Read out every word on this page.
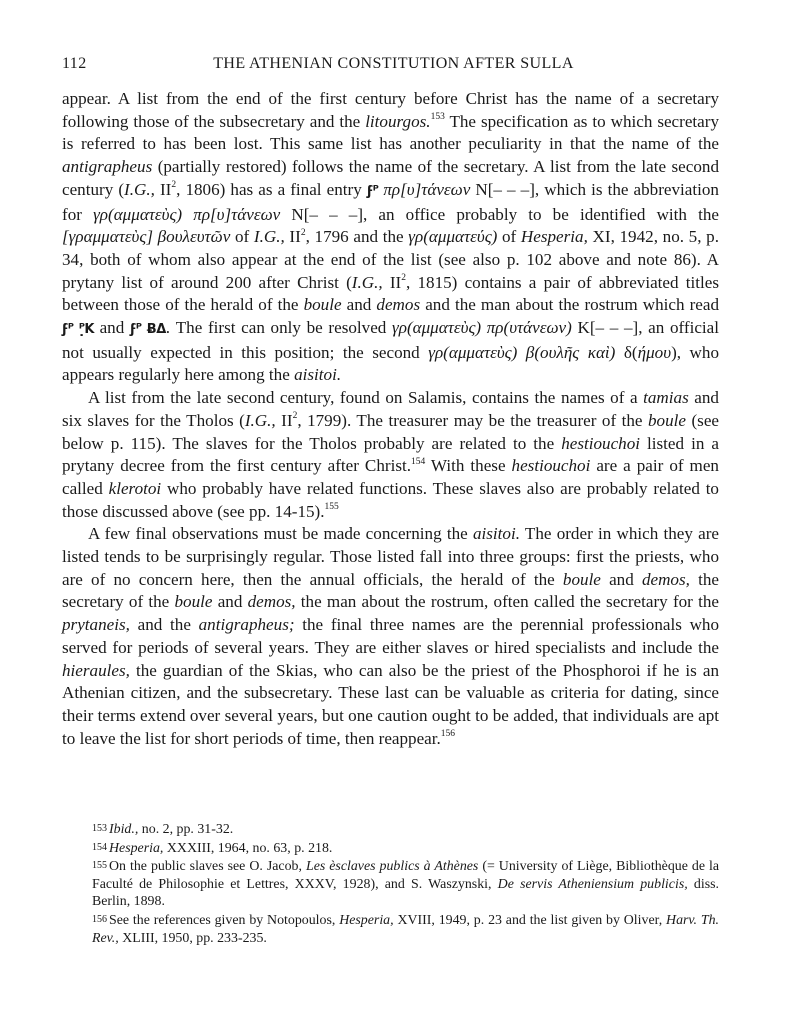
112	THE ATHENIAN CONSTITUTION AFTER SULLA

appear. A list from the end of the first century before Christ has the name of a secretary following those of the subsecretary and the litourgos.$^{153}$ The specification as to which secretary is referred to has been lost. This same list has another peculiarity in that the name of the antigrapheus (partially restored) follows the name of the secretary. A list from the late second century (I.G., $II^2$, 1806) has as a final entry ϝᴾ πρ[υ]τάνεων N[– – –], which is the abbreviation for γρ(αμματεὺς) πρ[υ]τάνεων N[– – –], an office probably to be identified with the [γραμματεὺς] βουλευτῶν of I.G., $II^2$, 1796 and the γρ(αμματεύς) of Hesperia, XI, 1942, no. 5, p. 34, both of whom also appear at the end of the list (see also p. 102 above and note 86). A prytany list of around 200 after Christ (I.G., $II^2$, 1815) contains a pair of abbreviated titles between those of the herald of the boule and demos and the man about the rostrum which read ϝᴾ ᴾ̣K and ϝᴾ ɃΔ. The first can only be resolved γρ(αμματεὺς) πρ(υτάνεων) K[– – –], an official not usually expected in this position; the second γρ(αμματεὺς) β(ουλῆς καὶ) δ(ήμου), who appears regularly here among the aisitoi.

A list from the late second century, found on Salamis, contains the names of a tamias and six slaves for the Tholos (I.G., $II^2$, 1799). The treasurer may be the treasurer of the boule (see below p. 115). The slaves for the Tholos probably are related to the hestiouchoi listed in a prytany decree from the first century after Christ.$^{154}$ With these hestiouchoi are a pair of men called klerotoi who probably have related functions. These slaves also are probably related to those discussed above (see pp. 14-15).$^{155}$

A few final observations must be made concerning the aisitoi. The order in which they are listed tends to be surprisingly regular. Those listed fall into three groups: first the priests, who are of no concern here, then the annual officials, the herald of the boule and demos, the secretary of the boule and demos, the man about the rostrum, often called the secretary for the prytaneis, and the antigrapheus; the final three names are the perennial professionals who served for periods of several years. They are either slaves or hired specialists and include the hieraules, the guardian of the Skias, who can also be the priest of the Phosphoroi if he is an Athenian citizen, and the subsecretary. These last can be valuable as criteria for dating, since their terms extend over several years, but one caution ought to be added, that individuals are apt to leave the list for short periods of time, then reappear.$^{156}$

153 Ibid., no. 2, pp. 31-32.
154 Hesperia, XXXIII, 1964, no. 63, p. 218.
155 On the public slaves see O. Jacob, Les èsclaves publics à Athènes (= University of Liège, Bibliothèque de la Faculté de Philosophie et Lettres, XXXV, 1928), and S. Waszynski, De servis Atheniensium publicis, diss. Berlin, 1898.
156 See the references given by Notopoulos, Hesperia, XVIII, 1949, p. 23 and the list given by Oliver, Harv. Th. Rev., XLIII, 1950, pp. 233-235.
